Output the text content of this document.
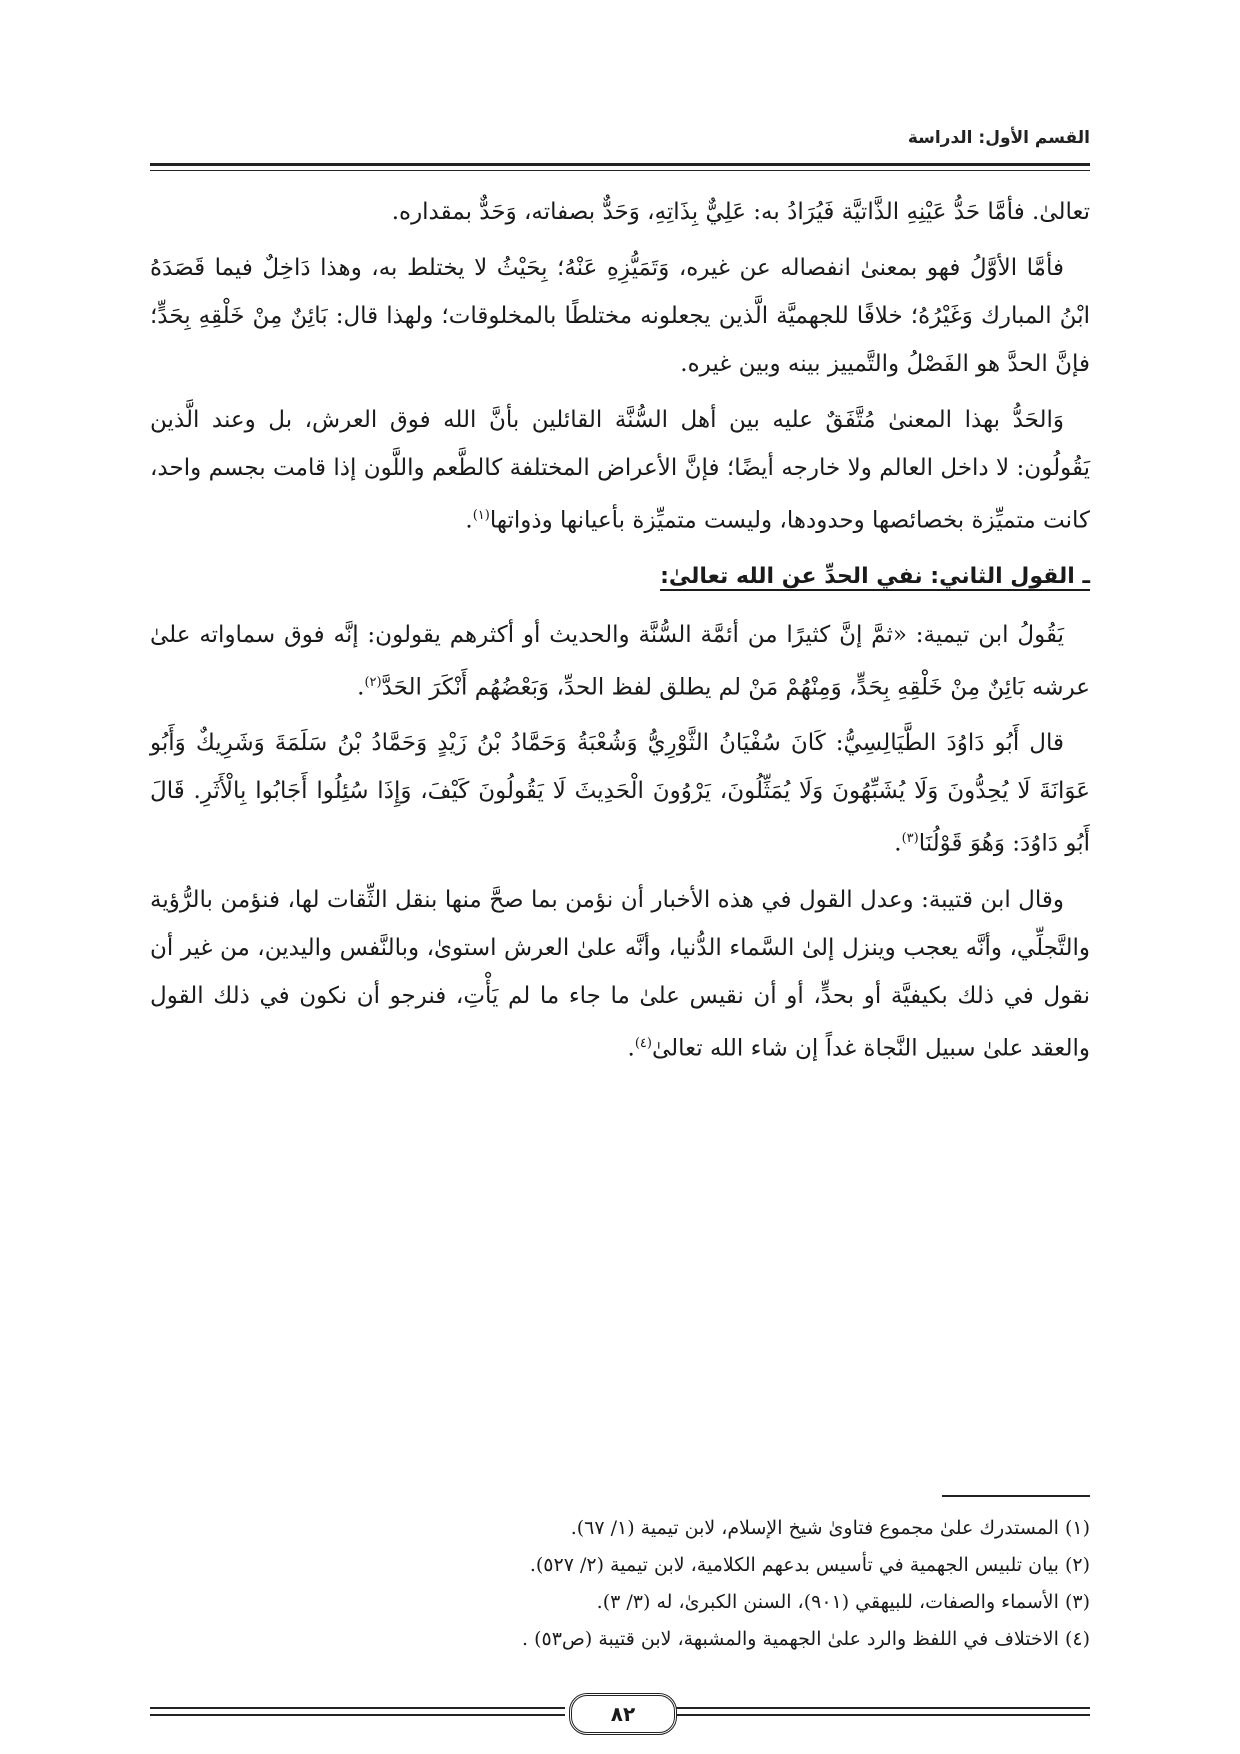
القسم الأول: الدراسة

تعالىٰ. فأمَّا حَدُّ عَيْنِهِ الذَّاتيَّة فَيُرَادُ به: عَلِيٌّ بِذَاتِهِ، وَحَدٌّ بصفاته، وَحَدٌّ بمقداره.

فأمَّا الأوَّلُ فهو بمعنىٰ انفصاله عن غيره، وَتَمَيُّزِهِ عَنْهُ؛ بِحَيْثُ لا يختلط به، وهذا دَاخِلٌ فيما قَصَدَهُ ابْنُ المبارك وَغَيْرُهُ؛ خلافًا للجهميَّة الَّذين يجعلونه مختلطًا بالمخلوقات؛ ولهذا قال: بَائِنٌ مِنْ خَلْقِهِ بِحَدٍّ؛ فإنَّ الحدَّ هو الفَصْلُ والتَّمييز بينه وبين غيره.

وَالحَدُّ بهذا المعنىٰ مُتَّفَقٌ عليه بين أهل السُّنَّة القائلين بأنَّ الله فوق العرش، بل وعند الَّذين يَقُولُون: لا داخل العالم ولا خارجه أيضًا؛ فإنَّ الأعراض المختلفة كالطَّعم واللَّون إذا قامت بجسم واحد، كانت متميِّزة بخصائصها وحدودها، وليست متميِّزة بأعيانها وذواتها$^{(١)}$.

ـ القول الثاني: نفي الحدِّ عن الله تعالىٰ:

يَقُولُ ابن تيمية: «ثمَّ إنَّ كثيرًا من أئمَّة السُّنَّة والحديث أو أكثرهم يقولون: إنَّه فوق سماواته علىٰ عرشه بَائِنٌ مِنْ خَلْقِهِ بِحَدٍّ، وَمِنْهُمْ مَنْ لم يطلق لفظ الحدِّ، وَبَعْضُهُم أَنْكَرَ الحَدَّ$^{(٢)}$.

قال أَبُو دَاوُدَ الطَّيَالِسِيُّ: كَانَ سُفْيَانُ الثَّوْرِيُّ وَشُعْبَةُ وَحَمَّادُ بْنُ زَيْدٍ وَحَمَّادُ بْنُ سَلَمَةَ وَشَرِيكٌ وَأَبُو عَوَانَةَ لَا يُحِدُّونَ وَلَا يُشَبِّهُونَ وَلَا يُمَثِّلُونَ، يَرْوُونَ الْحَدِيثَ لَا يَقُولُونَ كَيْفَ، وَإِذَا سُئِلُوا أَجَابُوا بِالْأَثَرِ. قَالَ أَبُو دَاوُدَ: وَهُوَ قَوْلُنَا$^{(٣)}$.

وقال ابن قتيبة: وعدل القول في هذه الأخبار أن نؤمن بما صحَّ منها بنقل الثِّقات لها، فنؤمن بالرُّؤية والتَّجلِّي، وأنَّه يعجب وينزل إلىٰ السَّماء الدُّنيا، وأنَّه علىٰ العرش استوىٰ، وبالنَّفس واليدين، من غير أن نقول في ذلك بكيفيَّة أو بحدٍّ، أو أن نقيس علىٰ ما جاء ما لم يَأْتِ، فنرجو أن نكون في ذلك القول والعقد علىٰ سبيل النَّجاة غداً إن شاء الله تعالىٰ$^{(٤)}$.

(١) المستدرك علىٰ مجموع فتاوىٰ شيخ الإسلام، لابن تيمية (١/ ٦٧).
(٢) بيان تلبيس الجهمية في تأسيس بدعهم الكلامية، لابن تيمية (٢/ ٥٢٧).
(٣) الأسماء والصفات، للبيهقي (٩٠١)، السنن الكبرىٰ، له (٣/ ٣).
(٤) الاختلاف في اللفظ والرد علىٰ الجهمية والمشبهة، لابن قتيبة (ص٥٣) .
٨٢
